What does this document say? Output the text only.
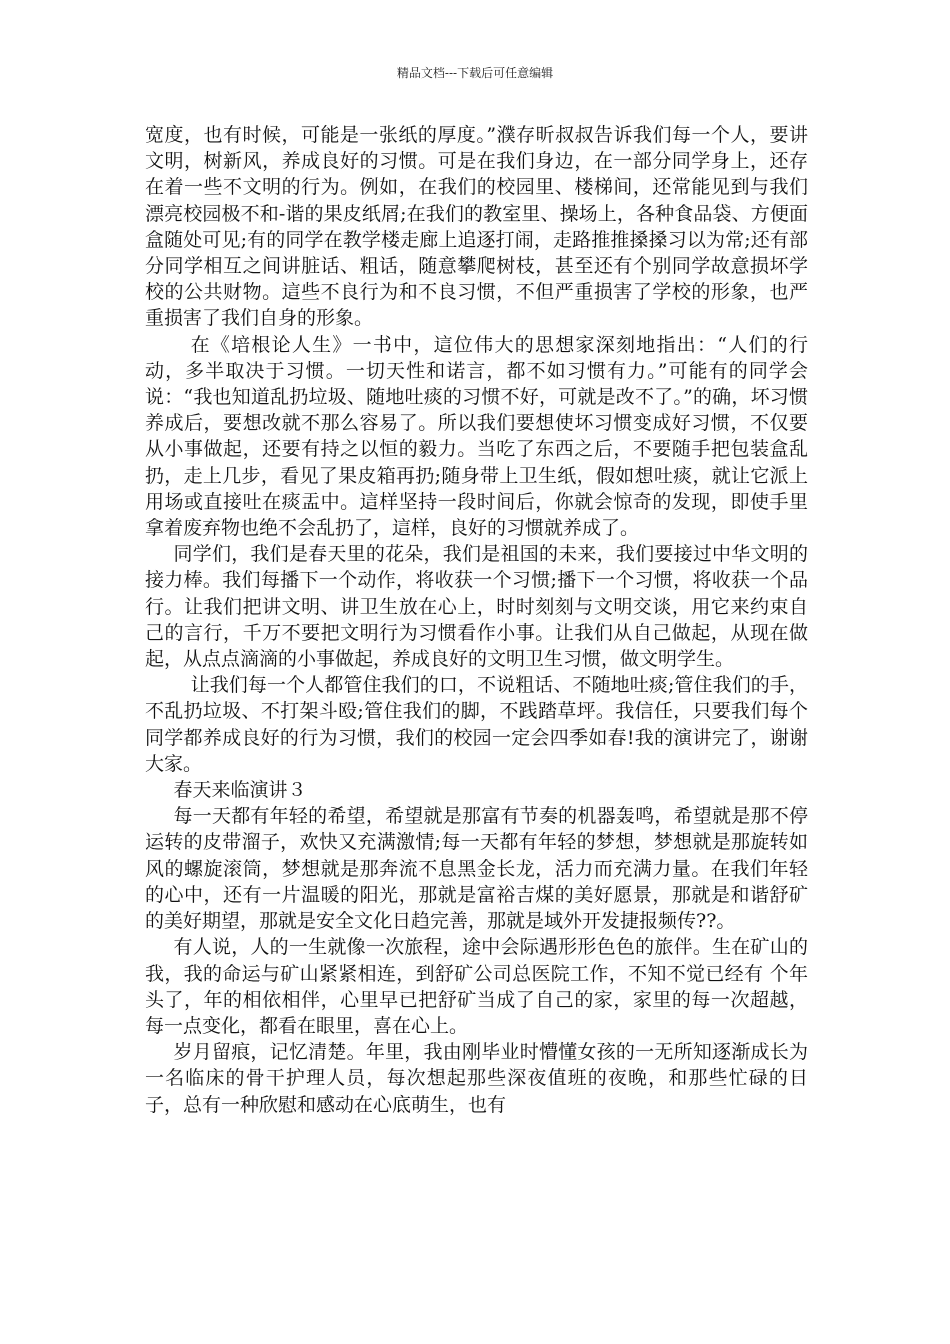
精品文档---下载后可任意编辑

宽度，也有时候，可能是一张纸的厚度。”濮存昕叔叔告诉我们每一个人，要讲文明，树新风，养成良好的习惯。可是在我们身边，在一部分同学身上，还存在着一些不文明的行为。例如，在我们的校园里、楼梯间，还常能见到与我们漂亮校园极不和-谐的果皮纸屑;在我们的教室里、操场上，各种食品袋、方便面盒随处可见;有的同学在教学楼走廊上追逐打闹，走路推推搡搡习以为常;还有部分同学相互之间讲脏话、粗话，随意攀爬树枝，甚至还有个别同学故意损坏学校的公共财物。這些不良行为和不良习惯，不但严重损害了学校的形象，也严重损害了我们自身的形象。

在《培根论人生》一书中，這位伟大的思想家深刻地指出：“人们的行动，多半取决于习惯。一切天性和诺言，都不如习惯有力。”可能有的同学会说：“我也知道乱扔垃圾、随地吐痰的习惯不好，可就是改不了。”的确，坏习惯养成后，要想改就不那么容易了。所以我们要想使坏习惯变成好习惯，不仅要从小事做起，还要有持之以恒的毅力。当吃了东西之后，不要随手把包装盒乱扔，走上几步，看见了果皮箱再扔;随身带上卫生纸，假如想吐痰，就让它派上用场或直接吐在痰盂中。這样坚持一段时间后，你就会惊奇的发现，即使手里拿着废弃物也绝不会乱扔了，這样，良好的习惯就养成了。

同学们，我们是春天里的花朵，我们是祖国的未来，我们要接过中华文明的接力棒。我们每播下一个动作，将收获一个习惯;播下一个习惯，将收获一个品行。让我们把讲文明、讲卫生放在心上，时时刻刻与文明交谈，用它来约束自己的言行，千万不要把文明行为习惯看作小事。让我们从自己做起，从现在做起，从点点滴滴的小事做起，养成良好的文明卫生习惯，做文明学生。

让我们每一个人都管住我们的口，不说粗话、不随地吐痰;管住我们的手，不乱扔垃圾、不打架斗殴;管住我们的脚，不践踏草坪。我信任，只要我们每个同学都养成良好的行为习惯，我们的校园一定会四季如春!我的演讲完了，谢谢大家。

春天来临演讲３

每一天都有年轻的希望，希望就是那富有节奏的机器轰鸣，希望就是那不停运转的皮带溜子，欢快又充满激情;每一天都有年轻的梦想，梦想就是那旋转如风的螺旋滚筒，梦想就是那奔流不息黑金长龙，活力而充满力量。在我们年轻的心中，还有一片温暖的阳光，那就是富裕吉煤的美好愿景，那就是和谐舒矿的美好期望，那就是安全文化日趋完善，那就是域外开发捷报频传??。

有人说，人的一生就像一次旅程，途中会际遇形形色色的旅伴。生在矿山的我，我的命运与矿山紧紧相连，到舒矿公司总医院工作，不知不觉已经有 个年头了，年的相依相伴，心里早已把舒矿当成了自己的家，家里的每一次超越，每一点变化，都看在眼里，喜在心上。

岁月留痕，记忆清楚。年里，我由刚毕业时懵懂女孩的一无所知逐渐成长为一名临床的骨干护理人员，每次想起那些深夜值班的夜晚，和那些忙碌的日子，总有一种欣慰和感动在心底萌生，也有
